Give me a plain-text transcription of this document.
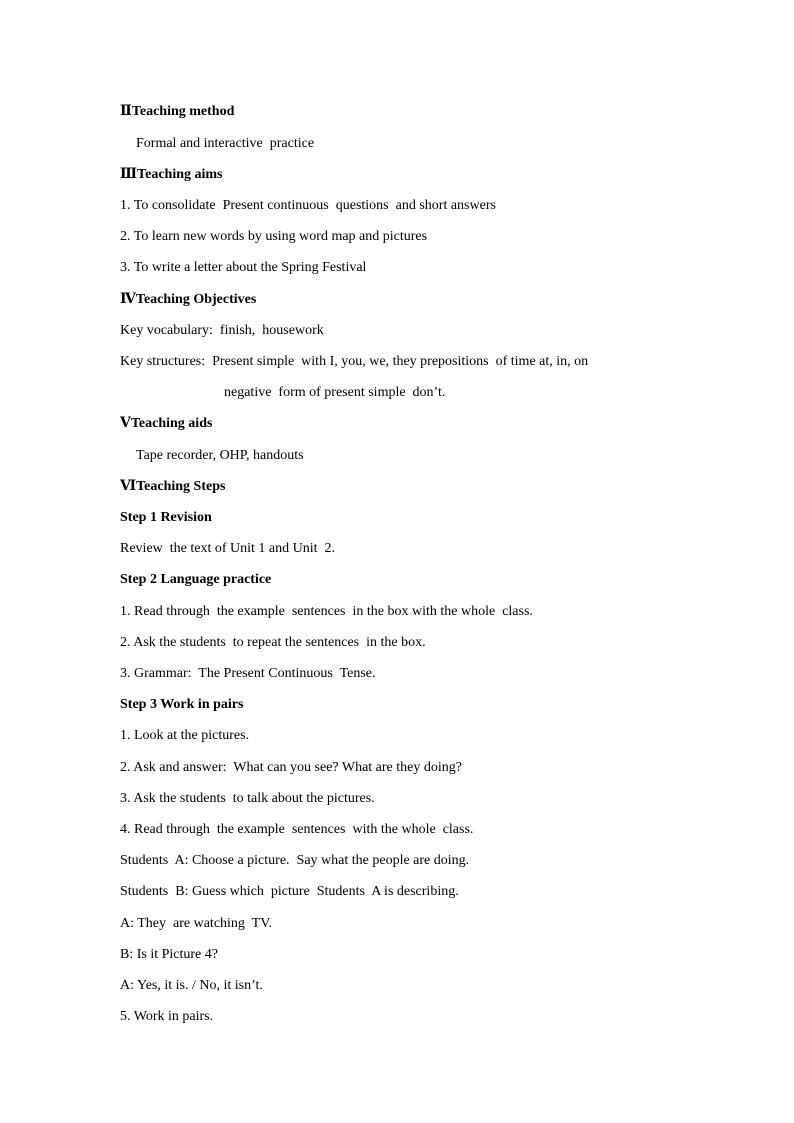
ⅡTeaching method
Formal and interactive  practice
ⅢTeaching aims
1. To consolidate  Present continuous  questions  and short answers
2. To learn new words by using word map and pictures
3. To write a letter about the Spring Festival
ⅣTeaching Objectives
Key vocabulary:  finish,  housework
Key structures:  Present simple  with I, you, we, they prepositions  of time at, in, on
negative  form of present simple  don’t.
ⅤTeaching aids
Tape recorder, OHP, handouts
ⅥTeaching Steps
Step 1 Revision
Review  the text of Unit 1 and Unit  2.
Step 2 Language practice
1. Read through  the example  sentences  in the box with the whole  class.
2. Ask the students  to repeat the sentences  in the box.
3. Grammar:  The Present Continuous  Tense.
Step 3 Work in pairs
1. Look at the pictures.
2. Ask and answer:  What can you see? What are they doing?
3. Ask the students  to talk about the pictures.
4. Read through  the example  sentences  with the whole  class.
Students  A: Choose a picture.  Say what the people are doing.
Students  B: Guess which  picture  Students  A is describing.
A: They  are watching  TV.
B: Is it Picture 4?
A: Yes, it is. / No, it isn’t.
5. Work in pairs.
